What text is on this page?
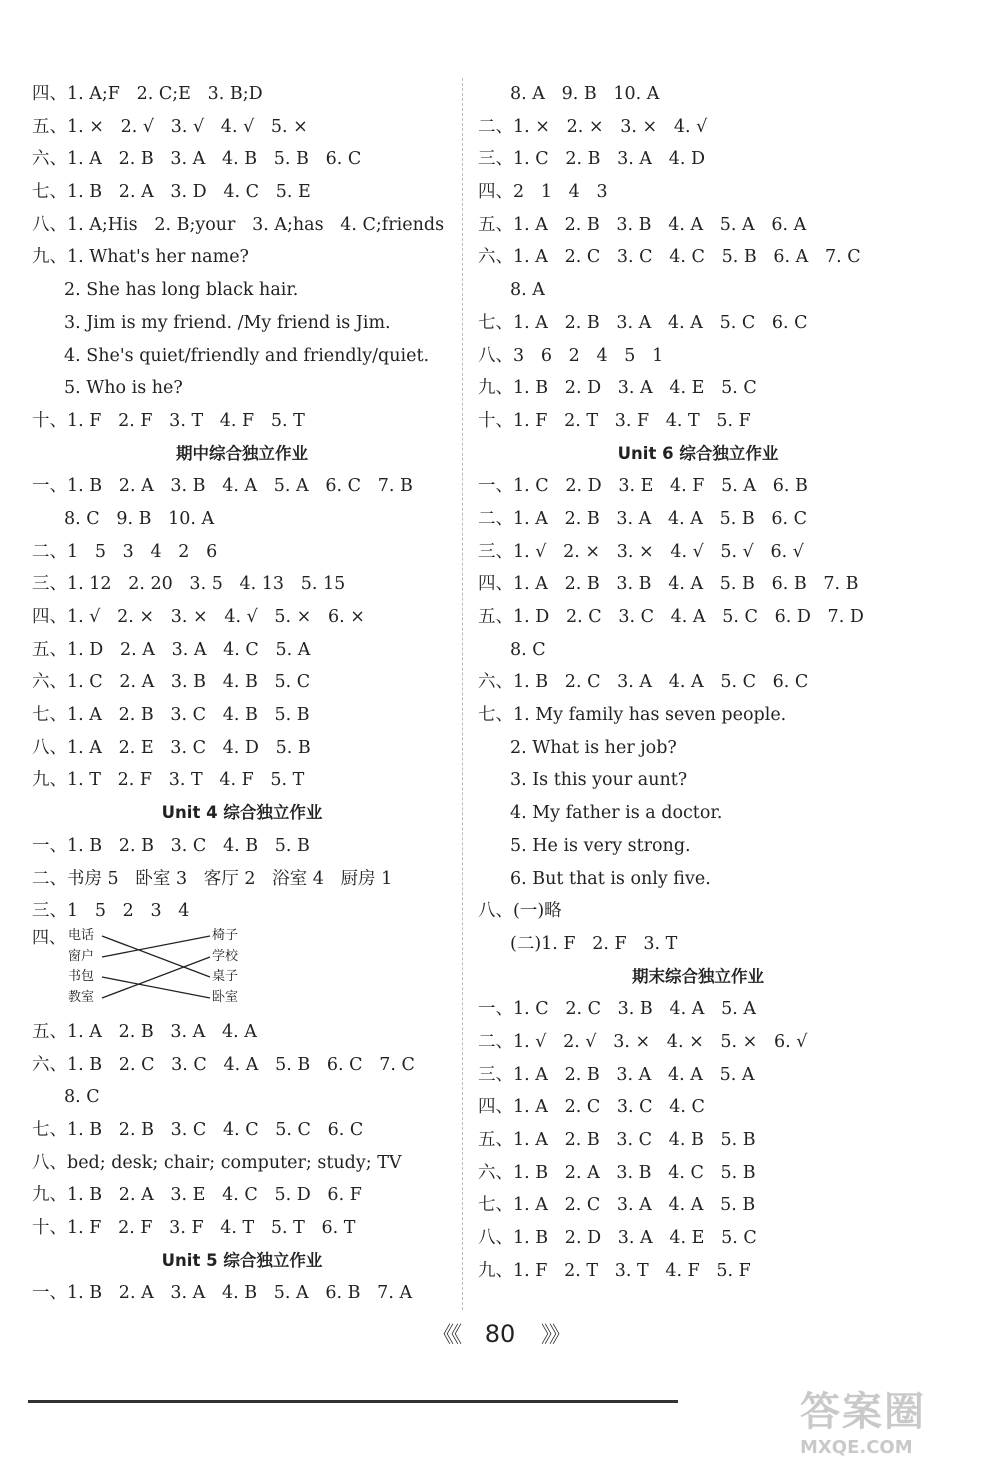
四、1. A;F   2. C;E   3. B;D
五、1. ×   2. √   3. √   4. √   5. ×
六、1. A   2. B   3. A   4. B   5. B   6. C
七、1. B   2. A   3. D   4. C   5. E
八、1. A;His   2. B;your   3. A;has   4. C;friends
九、1. What's her name?
2. She has long black hair.
3. Jim is my friend. /My friend is Jim.
4. She's quiet/friendly and friendly/quiet.
5. Who is he?
十、1. F   2. F   3. T   4. F   5. T
期中综合独立作业
一、1. B   2. A   3. B   4. A   5. A   6. C   7. B
8. C   9. B   10. A
二、1   5   3   4   2   6
三、1. 12   2. 20   3. 5   4. 13   5. 15
四、1. √   2. ×   3. ×   4. √   5. ×   6. ×
五、1. D   2. A   3. A   4. C   5. A
六、1. C   2. A   3. B   4. B   5. C
七、1. A   2. B   3. C   4. B   5. B
八、1. A   2. E   3. C   4. D   5. B
九、1. T   2. F   3. T   4. F   5. T
Unit 4 综合独立作业
一、1. B   2. B   3. C   4. B   5. B
二、书房 5   卧室 3   客厅 2   浴室 4   厨房 1
三、1   5   2   3   4
四、 电话
窗户
书包
教室
椅子
学校
桌子
卧室
五、1. A   2. B   3. A   4. A
六、1. B   2. C   3. C   4. A   5. B   6. C   7. C
8. C
七、1. B   2. B   3. C   4. C   5. C   6. C
八、bed; desk; chair; computer; study; TV
九、1. B   2. A   3. E   4. C   5. D   6. F
十、1. F   2. F   3. F   4. T   5. T   6. T
Unit 5 综合独立作业
一、1. B   2. A   3. A   4. B   5. A   6. B   7. A
8. A   9. B   10. A
二、1. ×   2. ×   3. ×   4. √
三、1. C   2. B   3. A   4. D
四、2   1   4   3
五、1. A   2. B   3. B   4. A   5. A   6. A
六、1. A   2. C   3. C   4. C   5. B   6. A   7. C
8. A
七、1. A   2. B   3. A   4. A   5. C   6. C
八、3   6   2   4   5   1
九、1. B   2. D   3. A   4. E   5. C
十、1. F   2. T   3. F   4. T   5. F
Unit 6 综合独立作业
一、1. C   2. D   3. E   4. F   5. A   6. B
二、1. A   2. B   3. A   4. A   5. B   6. C
三、1. √   2. ×   3. ×   4. √   5. √   6. √
四、1. A   2. B   3. B   4. A   5. B   6. B   7. B
五、1. D   2. C   3. C   4. A   5. C   6. D   7. D
8. C
六、1. B   2. C   3. A   4. A   5. C   6. C
七、1. My family has seven people.
2. What is her job?
3. Is this your aunt?
4. My father is a doctor.
5. He is very strong.
6. But that is only five.
八、(一)略
(二)1. F   2. F   3. T
期末综合独立作业
一、1. C   2. C   3. B   4. A   5. A
二、1. √   2. √   3. ×   4. ×   5. ×   6. √
三、1. A   2. B   3. A   4. A   5. A
四、1. A   2. C   3. C   4. C
五、1. A   2. B   3. C   4. B   5. B
六、1. B   2. A   3. B   4. C   5. B
七、1. A   2. C   3. A   4. A   5. B
八、1. B   2. D   3. A   4. E   5. C
九、1. F   2. T   3. T   4. F   5. F
《《 80 》》
答案圈
MXQE.COM
